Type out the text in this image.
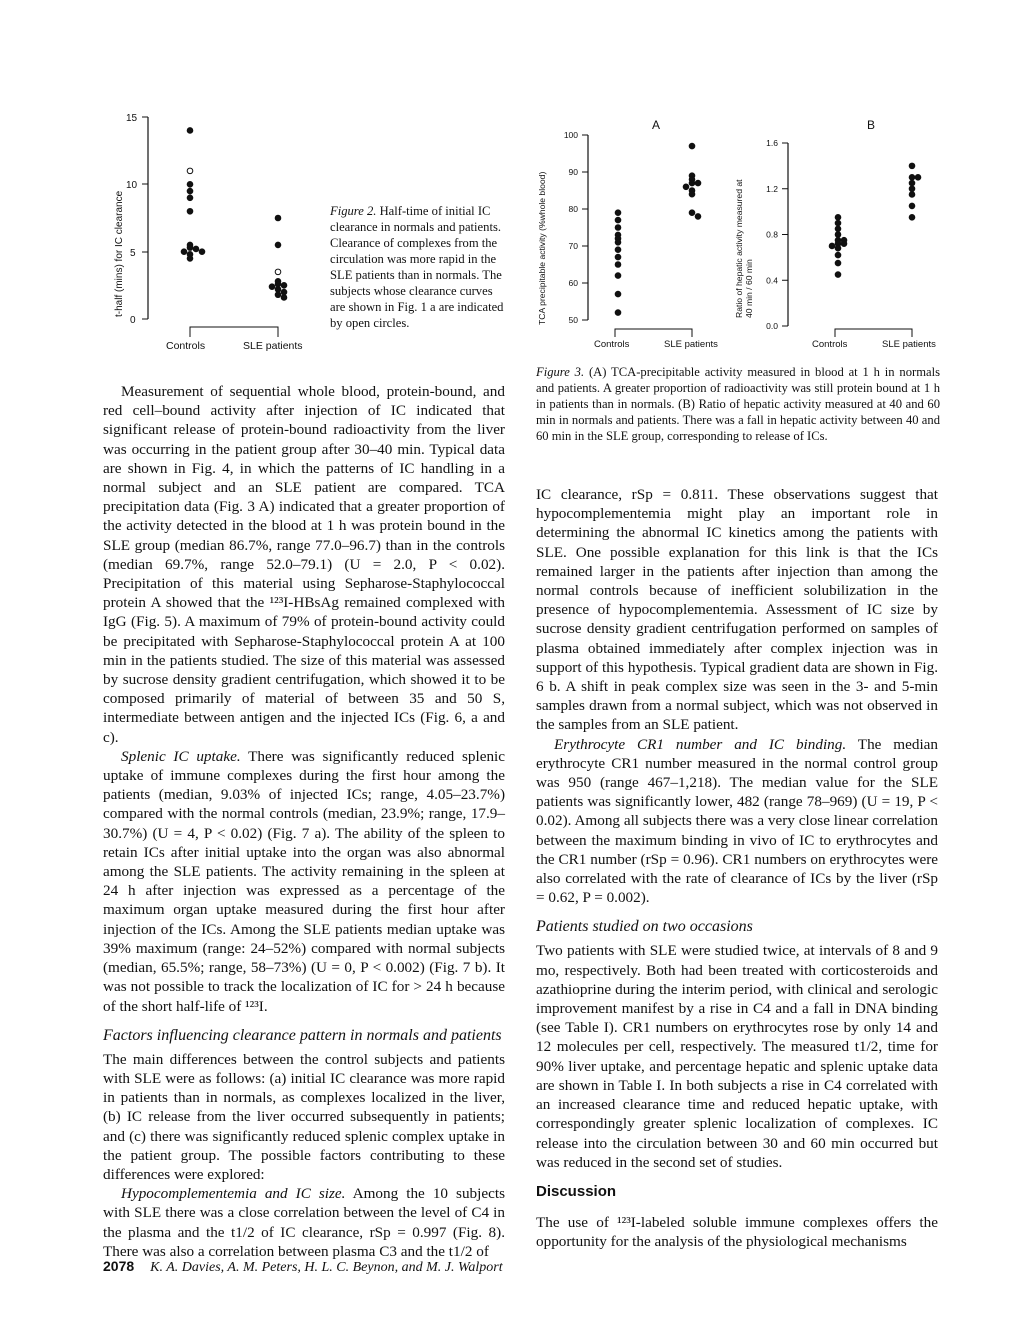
t-half (mins) for IC clearance
15
10
5
0
Controls	SLE patients
Figure 2. Half-time of initial IC clearance in normals and patients. Clearance of complexes from the circulation was more rapid in the SLE patients than in normals. The subjects whose clearance curves are shown in Fig. 1 a are indicated by open circles.
A
TCA precipitable activity (%whole blood)
100
90
80
70
60
50
Controls	SLE patients
B
Ratio of hepatic activity measured at40 min / 60 min
1.6
1.2
0.8
0.4
0.0
Controls	SLE patients
Figure 3. (A) TCA-precipitable activity measured in blood at 1 h in normals and patients. A greater proportion of radioactivity was still protein bound at 1 h in patients than in normals. (B) Ratio of hepatic activity measured at 40 and 60 min in normals and patients. There was a fall in hepatic activity between 40 and 60 min in the SLE group, corresponding to release of ICs.

Measurement of sequential whole blood, protein-bound, and red cell–bound activity after injection of IC indicated that significant release of protein-bound radioactivity from the liver was occurring in the patient group after 30–40 min. Typical data are shown in Fig. 4, in which the patterns of IC handling in a normal subject and an SLE patient are compared. TCA precipitation data (Fig. 3 A) indicated that a greater proportion of the activity detected in the blood at 1 h was protein bound in the SLE group (median 86.7%, range 77.0–96.7) than in the controls (median 69.7%, range 52.0–79.1) (U = 2.0, P < 0.02). Precipitation of this material using Sepharose-Staphylococcal protein A showed that the ¹²³I-HBsAg remained complexed with IgG (Fig. 5). A maximum of 79% of protein-bound activity could be precipitated with Sepharose-Staphylococcal protein A at 100 min in the patients studied. The size of this material was assessed by sucrose density gradient centrifugation, which showed it to be composed primarily of material of between 35 and 50 S, intermediate between antigen and the injected ICs (Fig. 6, a and c).

Splenic IC uptake. There was significantly reduced splenic uptake of immune complexes during the first hour among the patients (median, 9.03% of injected ICs; range, 4.05–23.7%) compared with the normal controls (median, 23.9%; range, 17.9–30.7%) (U = 4, P < 0.02) (Fig. 7 a). The ability of the spleen to retain ICs after initial uptake into the organ was also abnormal among the SLE patients. The activity remaining in the spleen at 24 h after injection was expressed as a percentage of the maximum organ uptake measured during the first hour after injection of the ICs. Among the SLE patients median uptake was 39% maximum (range: 24–52%) compared with normal subjects (median, 65.5%; range, 58–73%) (U = 0, P < 0.002) (Fig. 7 b). It was not possible to track the localization of IC for > 24 h because of the short half-life of ¹²³I.

Factors influencing clearance pattern in normals and patients

The main differences between the control subjects and patients with SLE were as follows: (a) initial IC clearance was more rapid in patients than in normals, as complexes localized in the liver, (b) IC release from the liver occurred subsequently in patients; and (c) there was significantly reduced splenic complex uptake in the patient group. The possible factors contributing to these differences were explored:

Hypocomplementemia and IC size. Among the 10 subjects with SLE there was a close correlation between the level of C4 in the plasma and the t1/2 of IC clearance, rSp = 0.997 (Fig. 8). There was also a correlation between plasma C3 and the t1/2 of

IC clearance, rSp = 0.811. These observations suggest that hypocomplementemia might play an important role in determining the abnormal IC kinetics among the patients with SLE. One possible explanation for this link is that the ICs remained larger in the patients after injection than among the normal controls because of inefficient solubilization in the presence of hypocomplementemia. Assessment of IC size by sucrose density gradient centrifugation performed on samples of plasma obtained immediately after complex injection was in support of this hypothesis. Typical gradient data are shown in Fig. 6 b. A shift in peak complex size was seen in the 3- and 5-min samples drawn from a normal subject, which was not observed in the samples from an SLE patient.

Erythrocyte CR1 number and IC binding. The median erythrocyte CR1 number measured in the normal control group was 950 (range 467–1,218). The median value for the SLE patients was significantly lower, 482 (range 78–969) (U = 19, P < 0.02). Among all subjects there was a very close linear correlation between the maximum binding in vivo of IC to erythrocytes and the CR1 number (rSp = 0.96). CR1 numbers on erythrocytes were also correlated with the rate of clearance of ICs by the liver (rSp = 0.62, P = 0.002).

Patients studied on two occasions

Two patients with SLE were studied twice, at intervals of 8 and 9 mo, respectively. Both had been treated with corticosteroids and azathioprine during the interim period, with clinical and serologic improvement manifest by a rise in C4 and a fall in DNA binding (see Table I). CR1 numbers on erythrocytes rose by only 14 and 12 molecules per cell, respectively. The measured t1/2, time for 90% liver uptake, and percentage hepatic and splenic uptake data are shown in Table I. In both subjects a rise in C4 correlated with an increased clearance time and reduced hepatic uptake, with correspondingly greater splenic localization of complexes. IC release into the circulation between 30 and 60 min occurred but was reduced in the second set of studies.

Discussion

The use of ¹²³I-labeled soluble immune complexes offers the opportunity for the analysis of the physiological mechanisms

2078 K. A. Davies, A. M. Peters, H. L. C. Beynon, and M. J. Walport
